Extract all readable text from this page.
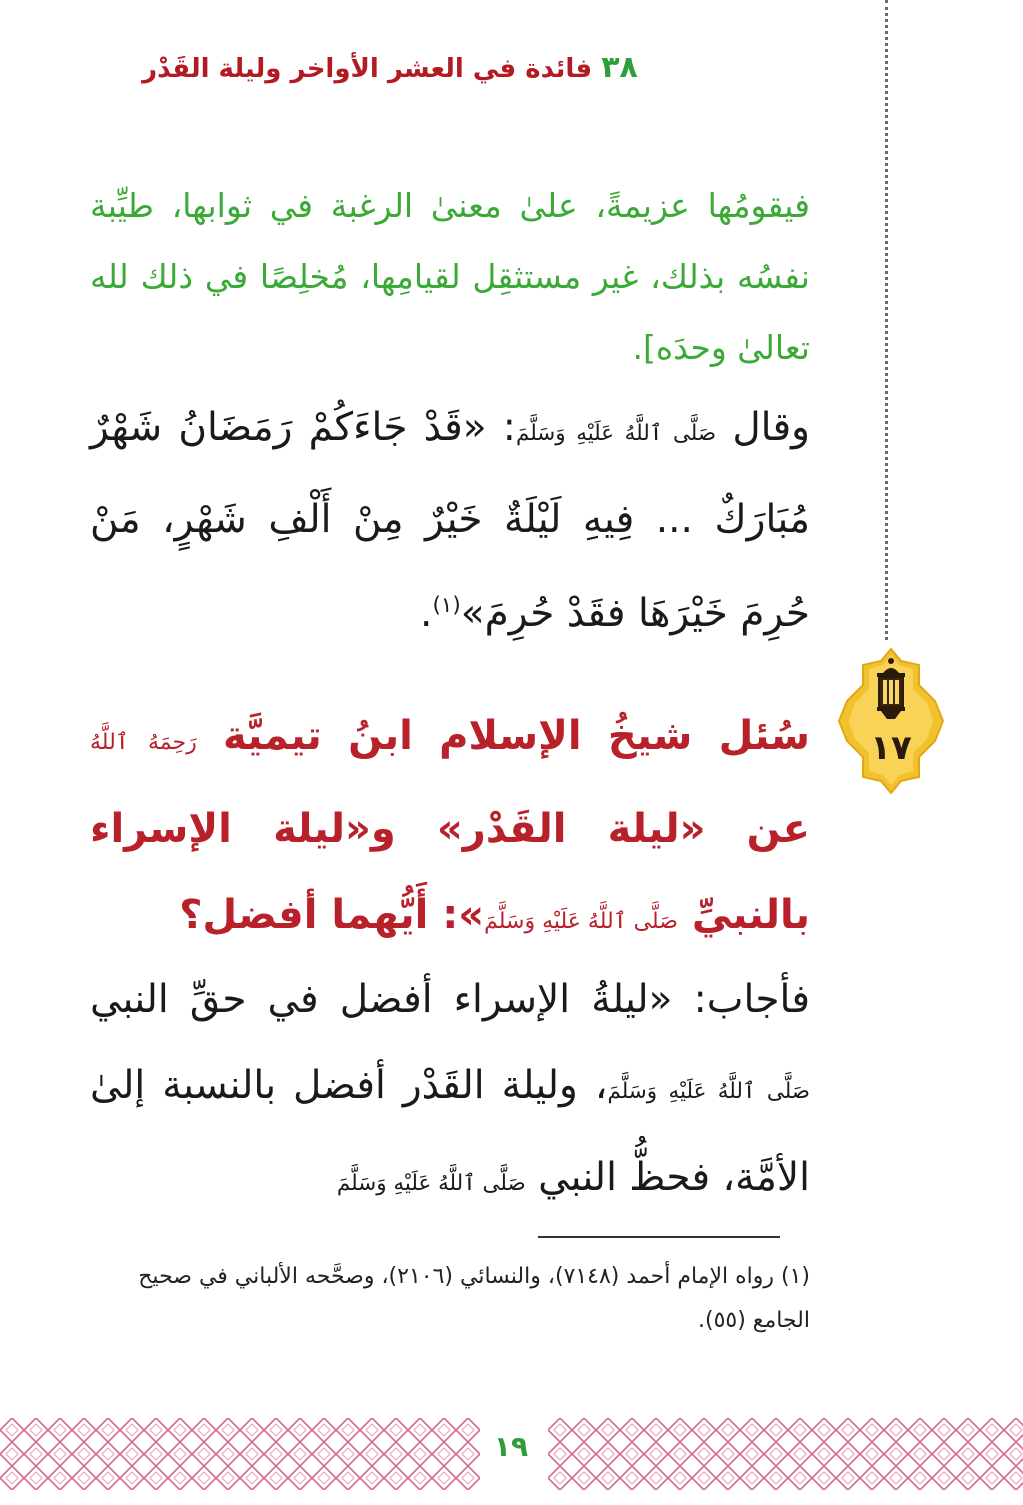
٣٨ فائدة في العشر الأواخر وليلة القَدْر
فيقومُها عزيمةً، علىٰ معنىٰ الرغبة في ثوابها، طيِّبة نفسُه بذلك، غير مستثقِل لقيامِها، مُخلِصًا في ذلك لله تعالىٰ وحدَه].
وقال صَلَّى ٱللَّهُ عَلَيْهِ وَسَلَّمَ: «قَدْ جَاءَكُمْ رَمَضَانُ شَهْرٌ مُبَارَكٌ ... فِيهِ لَيْلَةٌ خَيْرٌ مِنْ أَلْفِ شَهْرٍ، مَنْ حُرِمَ خَيْرَهَا فقَدْ حُرِمَ»$^{(١)}$.
سُئل شيخُ الإسلام ابنُ تيميَّة رَحِمَهُ ٱللَّهُ عن «ليلة القَدْر» و«ليلة الإسراء بالنبيِّ صَلَّى ٱللَّهُ عَلَيْهِ وَسَلَّمَ»: أَيُّهما أفضل؟
فأجاب: «ليلةُ الإسراء أفضل في حقِّ النبي صَلَّى ٱللَّهُ عَلَيْهِ وَسَلَّمَ، وليلة القَدْر أفضل بالنسبة إلىٰ الأمَّة، فحظُّ النبي صَلَّى ٱللَّهُ عَلَيْهِ وَسَلَّمَ
(١) رواه الإمام أحمد (٧١٤٨)، والنسائي (٢١٠٦)، وصحَّحه الألباني في صحيح الجامع (٥٥).
١٧
١٩
